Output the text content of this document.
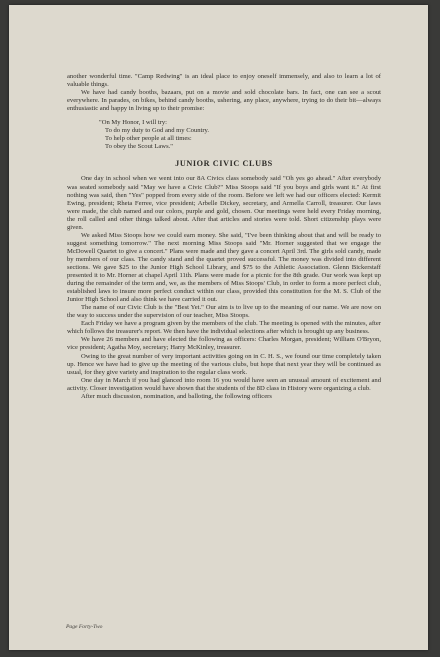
another wonderful time. "Camp Redwing" is an ideal place to enjoy oneself immensely, and also to learn a lot of valuable things.

We have had candy booths, bazaars, put on a movie and sold chocolate bars. In fact, one can see a scout everywhere. In parades, on bikes, behind candy booths, ushering, any place, anywhere, trying to do their bit—always enthusiastic and happy in living up to their promise:

"On My Honor, I will try:
To do my duty to God and my Country.
To help other people at all times:
To obey the Scout Laws."
JUNIOR CIVIC CLUBS

One day in school when we went into our 8A Civics class somebody said "Oh yes go ahead." After everybody was seated somebody said "May we have a Civic Club?" Miss Stoops said "If you boys and girls want it." At first nothing was said, then "Yes" popped from every side of the room. Before we left we had our officers elected: Kermit Ewing, president; Rheta Ferree, vice president; Arbelle Dickey, secretary, and Armella Carroll, treasurer. Our laws were made, the club named and our colors, purple and gold, chosen. Our meetings were held every Friday morning, the roll called and other things talked about. After that articles and stories were told. Short citizenship plays were given.

We asked Miss Stoops how we could earn money. She said, "I've been thinking about that and will be ready to suggest something tomorrow." The next morning Miss Stoops said "Mr. Horner suggested that we engage the McDowell Quartet to give a concert." Plans were made and they gave a concert April 3rd. The girls sold candy, made by members of our class. The candy stand and the quartet proved successful. The money was divided into different sections. We gave $25 to the Junior High School Library, and $75 to the Athletic Association. Glenn Bickerstaff presented it to Mr. Horner at chapel April 11th. Plans were made for a picnic for the 8th grade. Our work was kept up during the remainder of the term and, we, as the members of Miss Stoops' Club, in order to form a more perfect club, established laws to insure more perfect conduct within our class, provided this constitution for the M. S. Club of the Junior High School and also think we have carried it out.

The name of our Civic Club is the "Best Yet." Our aim is to live up to the meaning of our name. We are now on the way to success under the supervision of our teacher, Miss Stoops.

Each Friday we have a program given by the members of the club. The meeting is opened with the minutes, after which follows the treasurer's report. We then have the individual selections after which is brought up any business.

We have 26 members and have elected the following as officers: Charles Morgan, president; William O'Bryon, vice president; Agatha Moy, secretary; Harry McKinley, treasurer.

Owing to the great number of very important activities going on in C. H. S., we found our time completely taken up. Hence we have had to give up the meeting of the various clubs, but hope that next year they will be continued as usual, for they give variety and inspiration to the regular class work.

One day in March if you had glanced into room 16 you would have seen an unusual amount of excitement and activity. Closer investigation would have shown that the students of the 8D class in History were organizing a club.

After much discussion, nomination, and balloting, the following officers

Page Forty-Two
